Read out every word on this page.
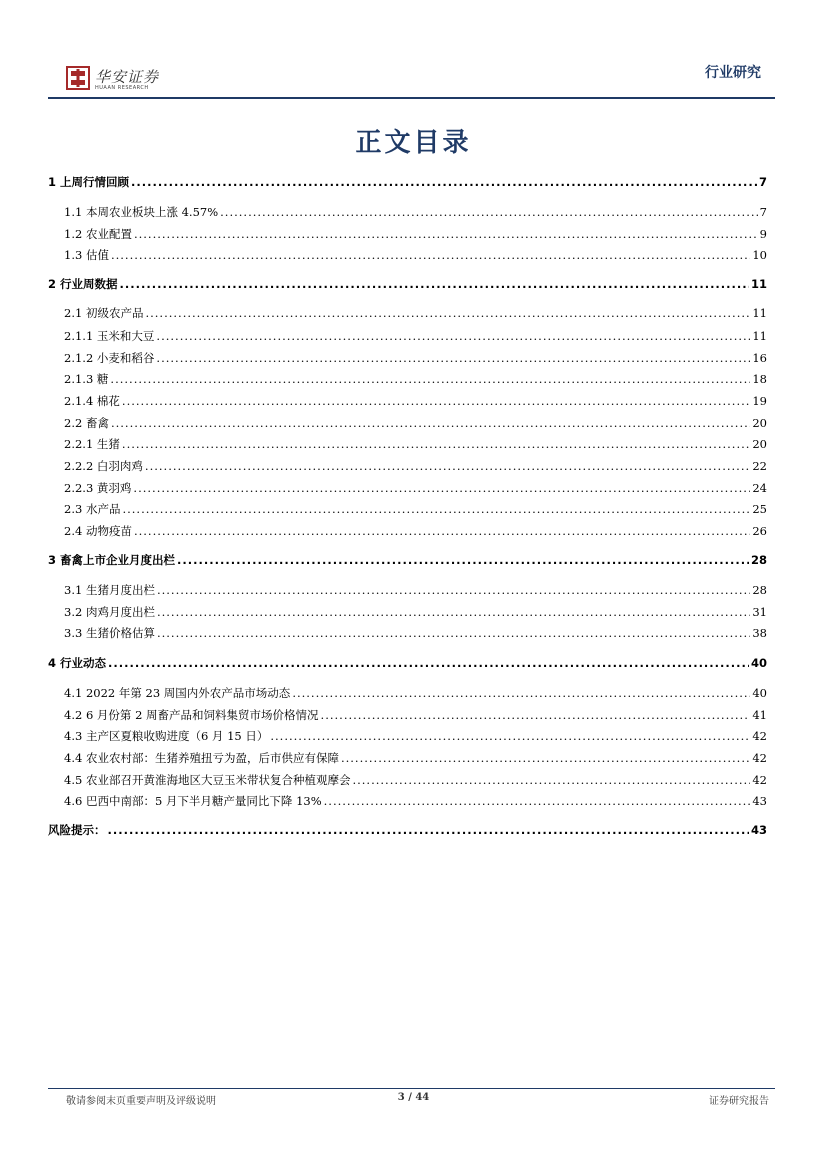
华安证券
HUAAN RESEARCH
行业研究
正文目录
1 上周行情回顾 .....	7
1.1 本周农业板块上涨 4.57% .....	7
1.2 农业配置 .....	9
1.3 估值 .....	10
2 行业周数据 .....	11
2.1 初级农产品 .....	11
2.1.1 玉米和大豆 .....	11
2.1.2 小麦和稻谷 .....	16
2.1.3 糖 .....	18
2.1.4 棉花 .....	19
2.2 畜禽 .....	20
2.2.1 生猪 .....	20
2.2.2 白羽肉鸡 .....	22
2.2.3 黄羽鸡 .....	24
2.3 水产品 .....	25
2.4 动物疫苗 .....	26
3 畜禽上市企业月度出栏 .....	28
3.1 生猪月度出栏 .....	28
3.2 肉鸡月度出栏 .....	31
3.3 生猪价格估算 .....	38
4 行业动态 .....	40
4.1 2022 年第 23 周国内外农产品市场动态 .....	40
4.2 6 月份第 2 周畜产品和饲料集贸市场价格情况 .....	41
4.3 主产区夏粮收购进度（6 月 15 日） .....	42
4.4 农业农村部：生猪养殖扭亏为盈，后市供应有保障 .....	42
4.5 农业部召开黄淮海地区大豆玉米带状复合种植观摩会 .....	42
4.6 巴西中南部：5 月下半月糖产量同比下降 13% .....	43
风险提示： .....	43
敬请参阅末页重要声明及评级说明	3 / 44	证券研究报告
